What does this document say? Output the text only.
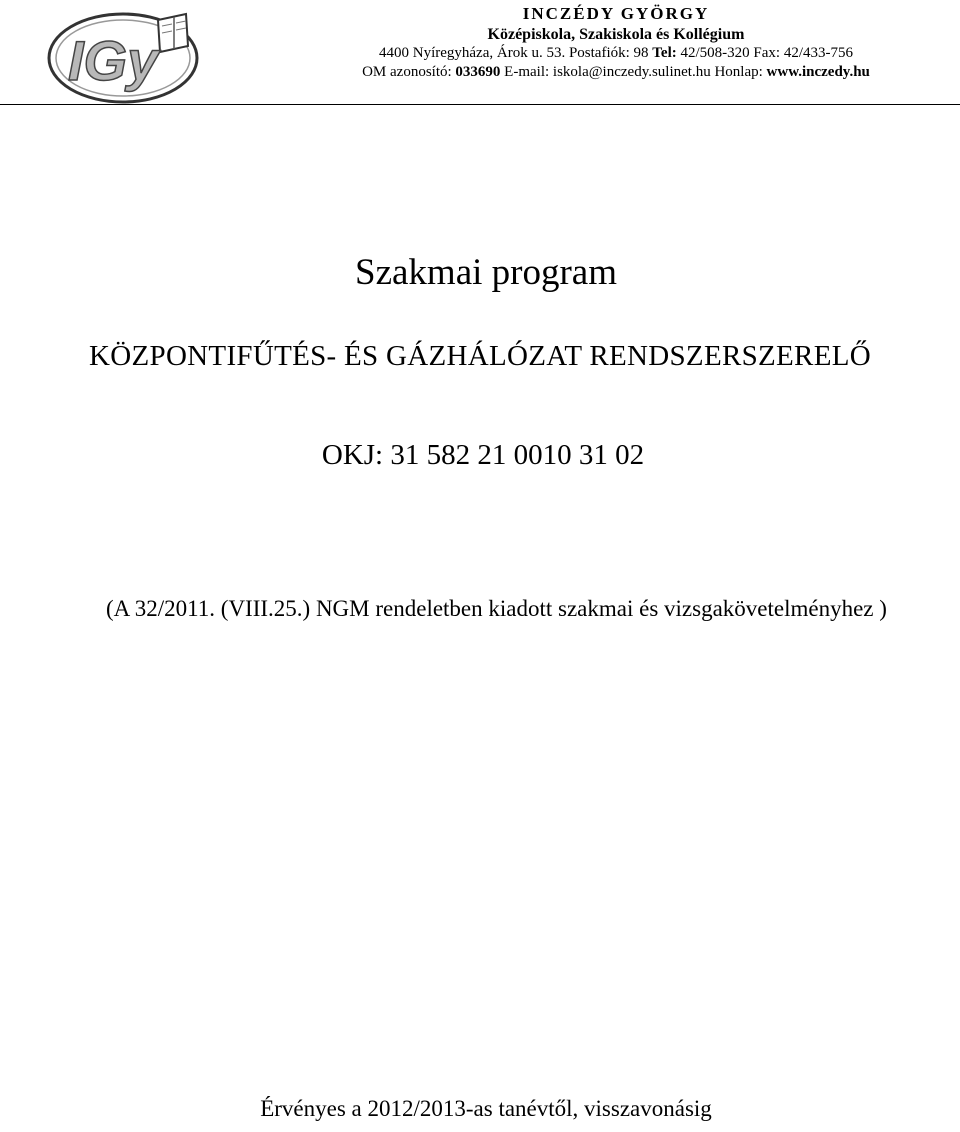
IGy
INCZÉDY GYÖRGY
Középiskola, Szakiskola és Kollégium
4400 Nyíregyháza, Árok u. 53. Postafiók: 98 Tel: 42/508-320 Fax: 42/433-756
OM azonosító: 033690 E-mail: iskola@inczedy.sulinet.hu Honlap: www.inczedy.hu
Szakmai program
KÖZPONTIFŰTÉS- ÉS GÁZHÁLÓZAT RENDSZERSZERELŐ
OKJ: 31 582 21 0010 31 02
(A 32/2011. (VIII.25.) NGM rendeletben kiadott szakmai és vizsgakövetelményhez )
Érvényes a 2012/2013-as tanévtől, visszavonásig
